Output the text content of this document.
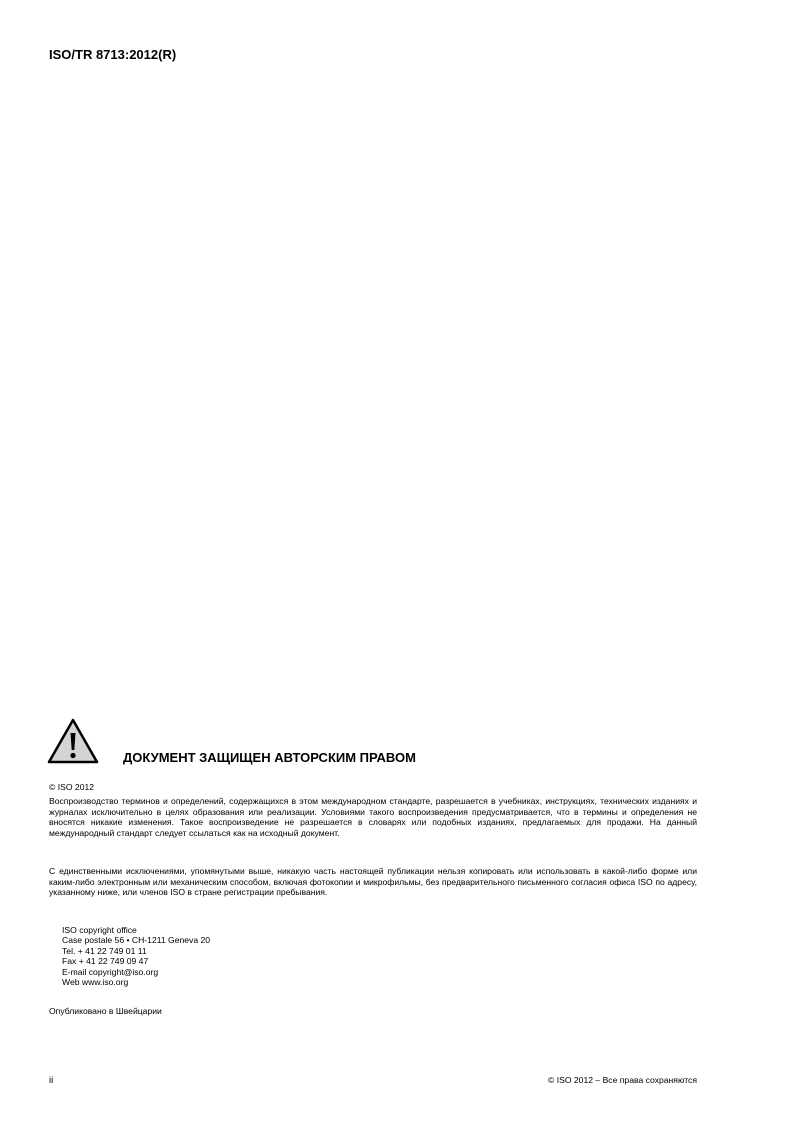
ISO/TR 8713:2012(R)
ДОКУМЕНТ ЗАЩИЩЕН АВТОРСКИМ ПРАВОМ
© ISO 2012

Воспроизводство терминов и определений, содержащихся в этом международном стандарте, разрешается в учебниках, инструкциях, технических изданиях и журналах исключительно в целях образования или реализации. Условиями такого воспроизведения предусматривается, что в термины и определения не вносятся никакие изменения. Такое воспроизведение не разрешается в словарях или подобных изданиях, предлагаемых для продажи. На данный международный стандарт следует ссылаться как на исходный документ.

С единственными исключениями, упомянутыми выше, никакую часть настоящей публикации нельзя копировать или использовать в какой-либо форме или каким-либо электронным или механическим способом, включая фотокопии и микрофильмы, без предварительного письменного согласия офиса ISO по адресу, указанному ниже, или членов ISO в стране регистрации пребывания.

ISO copyright office
Case postale 56 • CH-1211 Geneva 20
Tel. + 41 22 749 01 11
Fax + 41 22 749 09 47
E-mail copyright@iso.org
Web www.iso.org
Опубликовано в Швейцарии
ii	© ISO 2012 – Все права сохраняются
